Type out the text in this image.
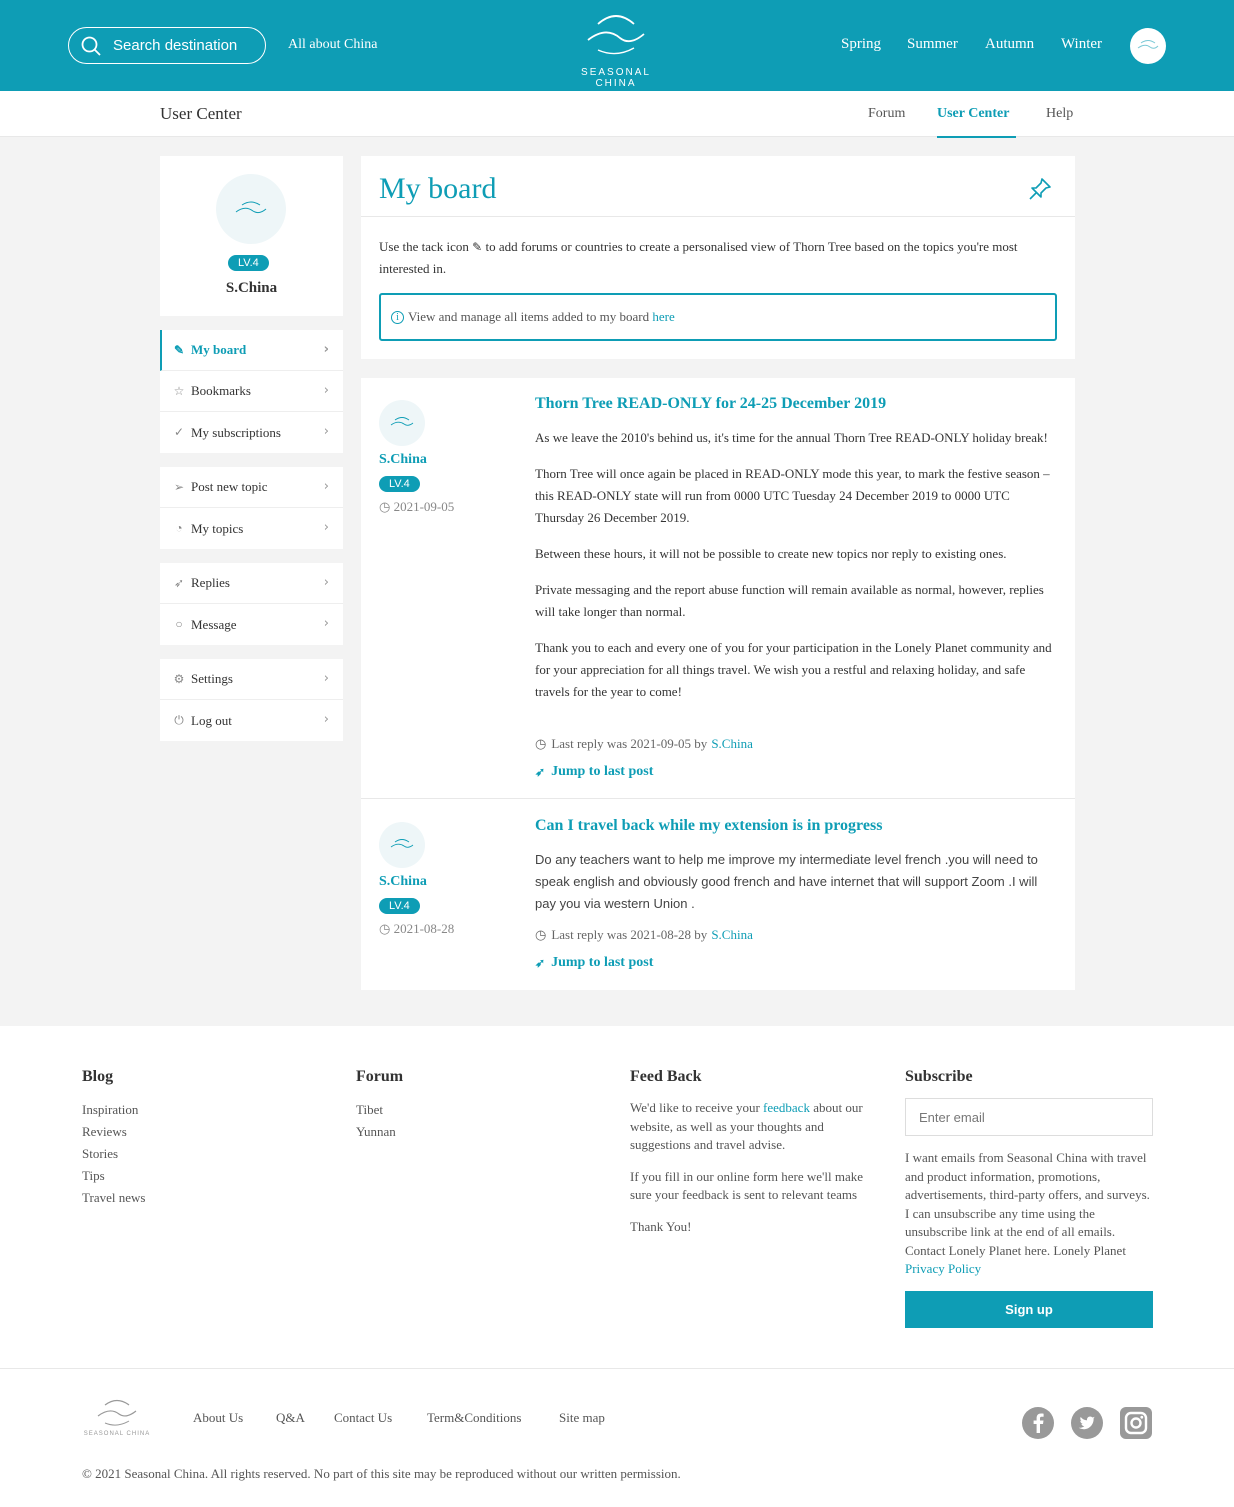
Search destination	All about China
SEASONAL CHINA
Spring Summer Autumn Winter
User Center	Forum User Center	Help
LV.4
S.China
✎ My board	›
☆ Bookmarks	›
✓ My subscriptions	›
➢ Post new topic	›
◔ My topics	›
➶ Replies	›
○ Message	›
⚙ Settings	›
⏻ Log out	›
My board
Use the tack icon ✎ to add forums or countries to create a personalised view of Thorn Tree based on the topics you're most interested in.
i View and manage all items added to my board
here
S.China
LV.4
◷ 2021-09-05
Thorn Tree READ-ONLY for 24-25 December 2019

As we leave the 2010's behind us, it's time for the annual Thorn Tree READ-ONLY holiday break!

Thorn Tree will once again be placed in READ-ONLY mode this year, to mark the festive season – this READ-ONLY state will run from 0000 UTC Tuesday 24 December 2019 to 0000 UTC Thursday 26 December 2019.

Between these hours, it will not be possible to create new topics nor reply to existing ones.

Private messaging and the report abuse function will remain available as normal, however, replies will take longer than normal.

Thank you to each and every one of you for your participation in the Lonely Planet community and for your appreciation for all things travel. We wish you a restful and relaxing holiday, and safe travels for the year to come!

◷ Last reply was 2021-09-05 by S.China
➶ Jump to last post
S.China
LV.4
◷ 2021-08-28
Can I travel back while my extension is in progress

Do any teachers want to help me improve my intermediate level french .you will need to speak english and obviously good french and have internet that will support Zoom .I will pay you via western Union .

◷ Last reply was 2021-08-28 by S.China
➶ Jump to last post
Blog
Inspiration
Reviews
Stories
Tips
Travel news
Forum
Tibet
Yunnan
Feed Back
We'd like to receive your feedback about our website, as well as your thoughts and suggestions and travel advise.
If you fill in our online form here we'll make sure your feedback is sent to relevant teams
Thank You!
Subscribe
Enter email
I want emails from Seasonal China with travel and product information, promotions, advertisements, third-party offers, and surveys. I can unsubscribe any time using the unsubscribe link at the end of all emails. Contact Lonely Planet here. Lonely Planet Privacy Policy
Sign up
SEASONAL CHINA
About Us	Q&A Contact Us	Term&Conditions	Site map
© 2021 Seasonal China. All rights reserved. No part of this site may be reproduced without our written permission.
